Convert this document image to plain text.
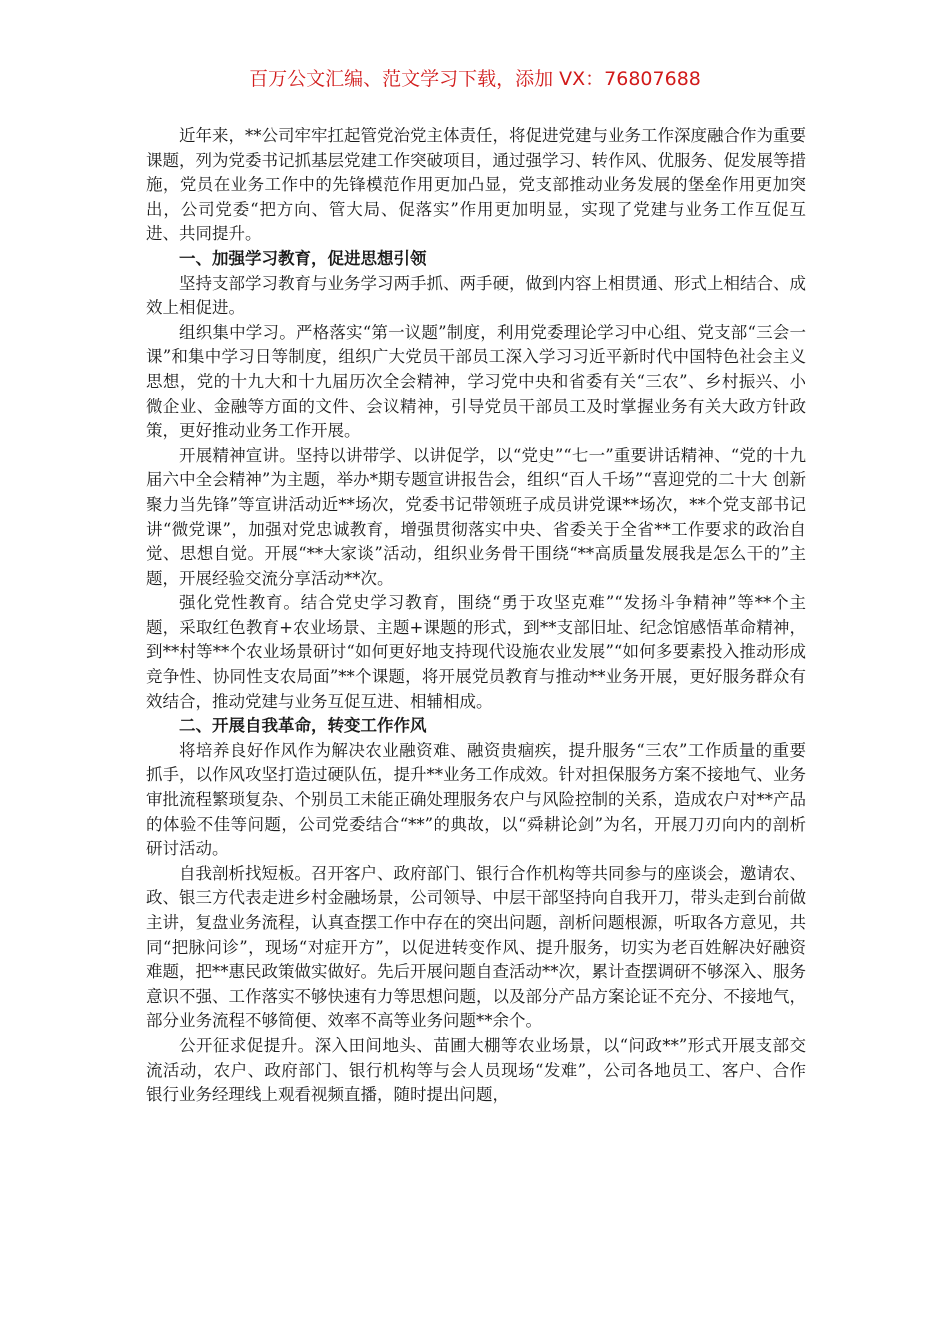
百万公文汇编、范文学习下载，添加 VX：76807688

近年来，**公司牢牢扛起管党治党主体责任，将促进党建与业务工作深度融合作为重要课题，列为党委书记抓基层党建工作突破项目，通过强学习、转作风、优服务、促发展等措施，党员在业务工作中的先锋模范作用更加凸显，党支部推动业务发展的堡垒作用更加突出，公司党委“把方向、管大局、促落实”作用更加明显，实现了党建与业务工作互促互进、共同提升。

一、加强学习教育，促进思想引领

坚持支部学习教育与业务学习两手抓、两手硬，做到内容上相贯通、形式上相结合、成效上相促进。

组织集中学习。严格落实“第一议题”制度，利用党委理论学习中心组、党支部“三会一课”和集中学习日等制度，组织广大党员干部员工深入学习习近平新时代中国特色社会主义思想，党的十九大和十九届历次全会精神，学习党中央和省委有关“三农”、乡村振兴、小微企业、金融等方面的文件、会议精神，引导党员干部员工及时掌握业务有关大政方针政策，更好推动业务工作开展。

开展精神宣讲。坚持以讲带学、以讲促学，以“党史”“七一”重要讲话精神、“党的十九届六中全会精神”为主题，举办*期专题宣讲报告会，组织“百人千场”“喜迎党的二十大 创新聚力当先锋”等宣讲活动近**场次，党委书记带领班子成员讲党课**场次，**个党支部书记讲“微党课”，加强对党忠诚教育，增强贯彻落实中央、省委关于全省**工作要求的政治自觉、思想自觉。开展“**大家谈”活动，组织业务骨干围绕“**高质量发展我是怎么干的”主题，开展经验交流分享活动**次。

强化党性教育。结合党史学习教育，围绕“勇于攻坚克难”“发扬斗争精神”等**个主题，采取红色教育+农业场景、主题+课题的形式，到**支部旧址、纪念馆感悟革命精神，到**村等**个农业场景研讨“如何更好地支持现代设施农业发展”“如何多要素投入推动形成竞争性、协同性支农局面”**个课题，将开展党员教育与推动**业务开展，更好服务群众有效结合，推动党建与业务互促互进、相辅相成。

二、开展自我革命，转变工作作风

将培养良好作风作为解决农业融资难、融资贵痼疾，提升服务“三农”工作质量的重要抓手，以作风攻坚打造过硬队伍，提升**业务工作成效。针对担保服务方案不接地气、业务审批流程繁琐复杂、个别员工未能正确处理服务农户与风险控制的关系，造成农户对**产品的体验不佳等问题，公司党委结合“**”的典故，以“舜耕论剑”为名，开展刀刃向内的剖析研讨活动。

自我剖析找短板。召开客户、政府部门、银行合作机构等共同参与的座谈会，邀请农、政、银三方代表走进乡村金融场景，公司领导、中层干部坚持向自我开刀，带头走到台前做主讲，复盘业务流程，认真查摆工作中存在的突出问题，剖析问题根源，听取各方意见，共同“把脉问诊”，现场“对症开方”，以促进转变作风、提升服务，切实为老百姓解决好融资难题，把**惠民政策做实做好。先后开展问题自查活动**次，累计查摆调研不够深入、服务意识不强、工作落实不够快速有力等思想问题，以及部分产品方案论证不充分、不接地气，部分业务流程不够简便、效率不高等业务问题**余个。

公开征求促提升。深入田间地头、苗圃大棚等农业场景，以“问政**”形式开展支部交流活动，农户、政府部门、银行机构等与会人员现场“发难”，公司各地员工、客户、合作银行业务经理线上观看视频直播，随时提出问题，
